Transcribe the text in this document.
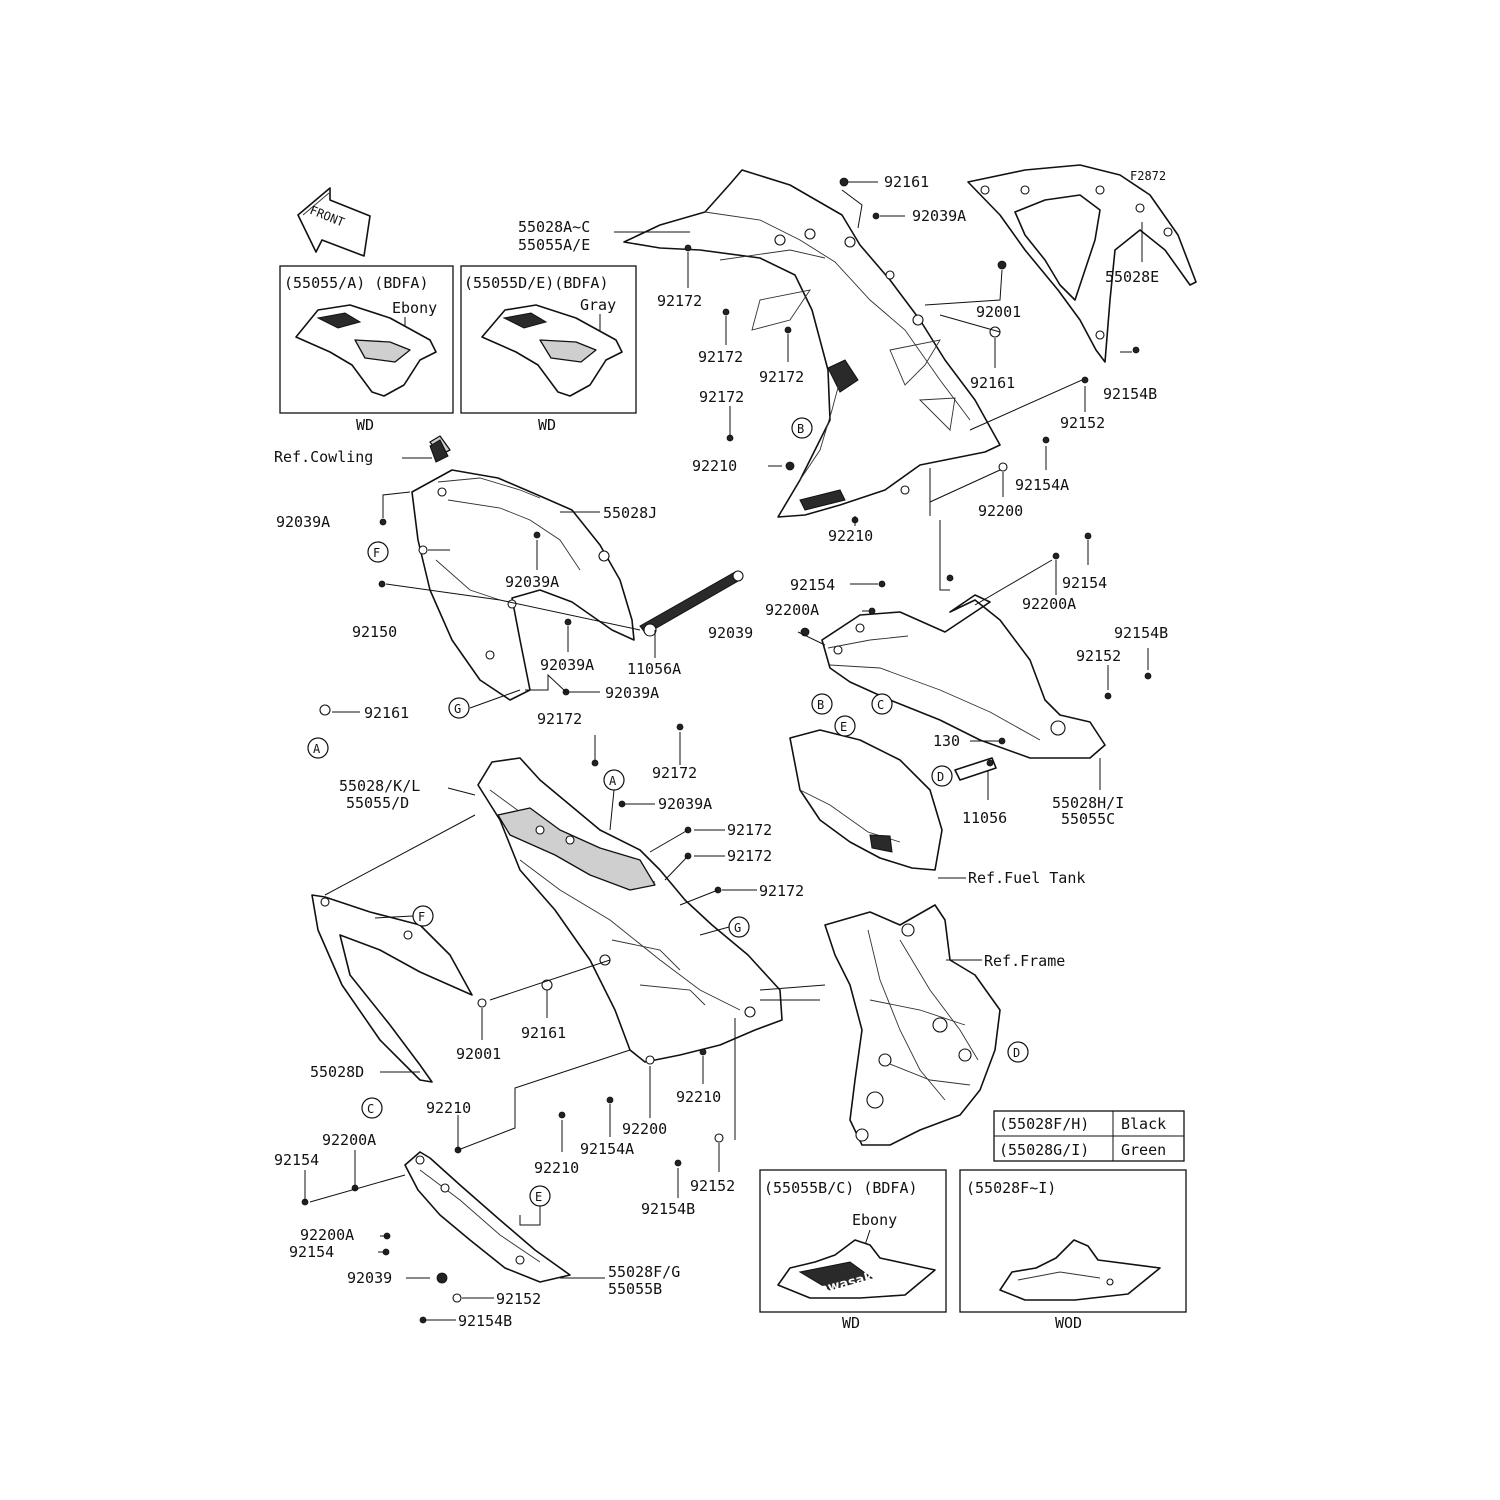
F2872
FRONT
(55055/A) (BDFA)
Ebony
WD
(55055D/E)(BDFA)
Gray
WD
(55055B/C) (BDFA)
Ebony
Kawasaki
WD
(55028F~I)
WOD
(55028F/H) Black
(55028G/I) Green
Ref.Cowling
Ref.Fuel Tank
Ref.Frame
B
F
G
A
B	C
E
D
A
F
G
D
C
E
92161
92039A
55028A~C
55055A/E
55028E
92172
92172
92172
92172
92001
92161
92154B
92152
92210
92154A
92200
55028J
92039A
92039A
92150
92039A 11056A
92039A
92161	92172
92210
92154
92200A
92154
92200A
92039	92154B
92152
130
11056
55028H/I
55055C
92172
55028/K/L
55055/D	92039A
92172
92172
92172
92001
92161
55028D
92210
92200A
92154
92200
92210
92154A
92210
92152
92154B
92200A
92154
92039
92152
92154B
55028F/G
55055B
